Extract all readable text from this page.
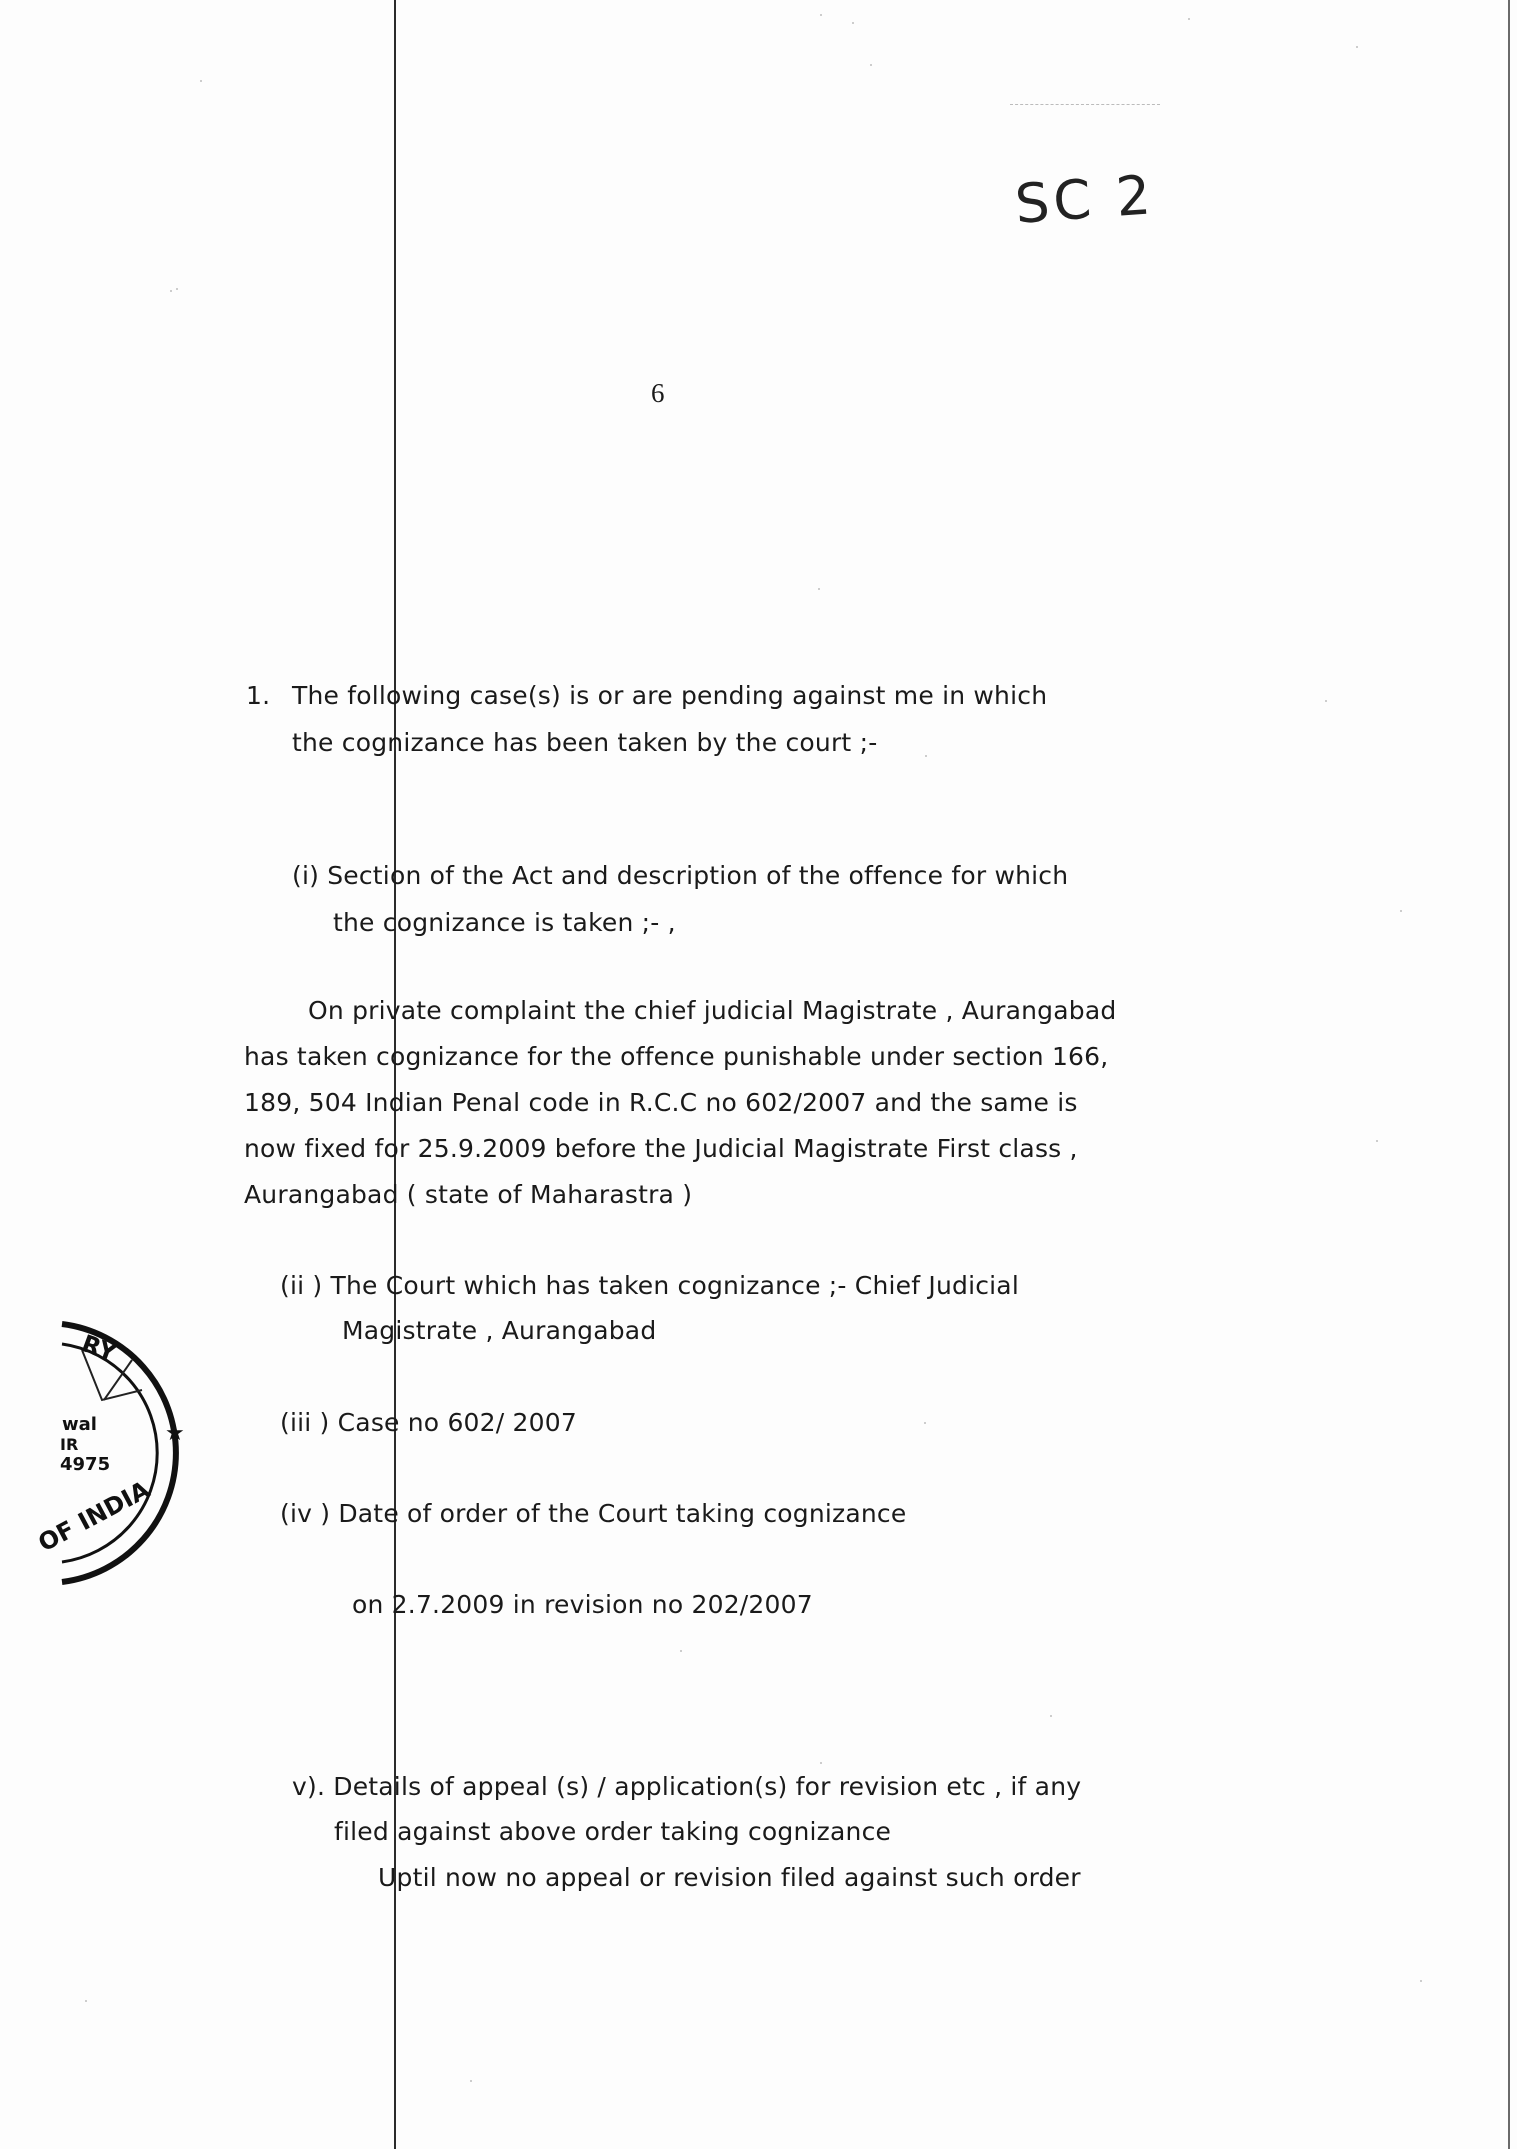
SC 2
6
1. The following case(s) is or are pending against me in which
the cognizance has been taken by the court ;-
(i) Section of the Act and description of the offence for which
the cognizance is taken ;- ,
On private complaint the chief judicial Magistrate , Aurangabad
has taken cognizance for the offence punishable under section 166,
189, 504 Indian Penal code in R.C.C no 602/2007 and the same is
now fixed for 25.9.2009 before the Judicial Magistrate First class ,
Aurangabad ( state of Maharastra )
(ii ) The Court which has taken cognizance ;- Chief Judicial
Magistrate , Aurangabad
(iii ) Case no 602/ 2007
(iv ) Date of order of the Court taking cognizance
on 2.7.2009 in revision no 202/2007
v). Details of appeal (s) / application(s) for revision etc , if any
filed against above order taking cognizance
Uptil now no appeal or revision filed against such order
RY
wal
IR
4975
★
OF INDIA
